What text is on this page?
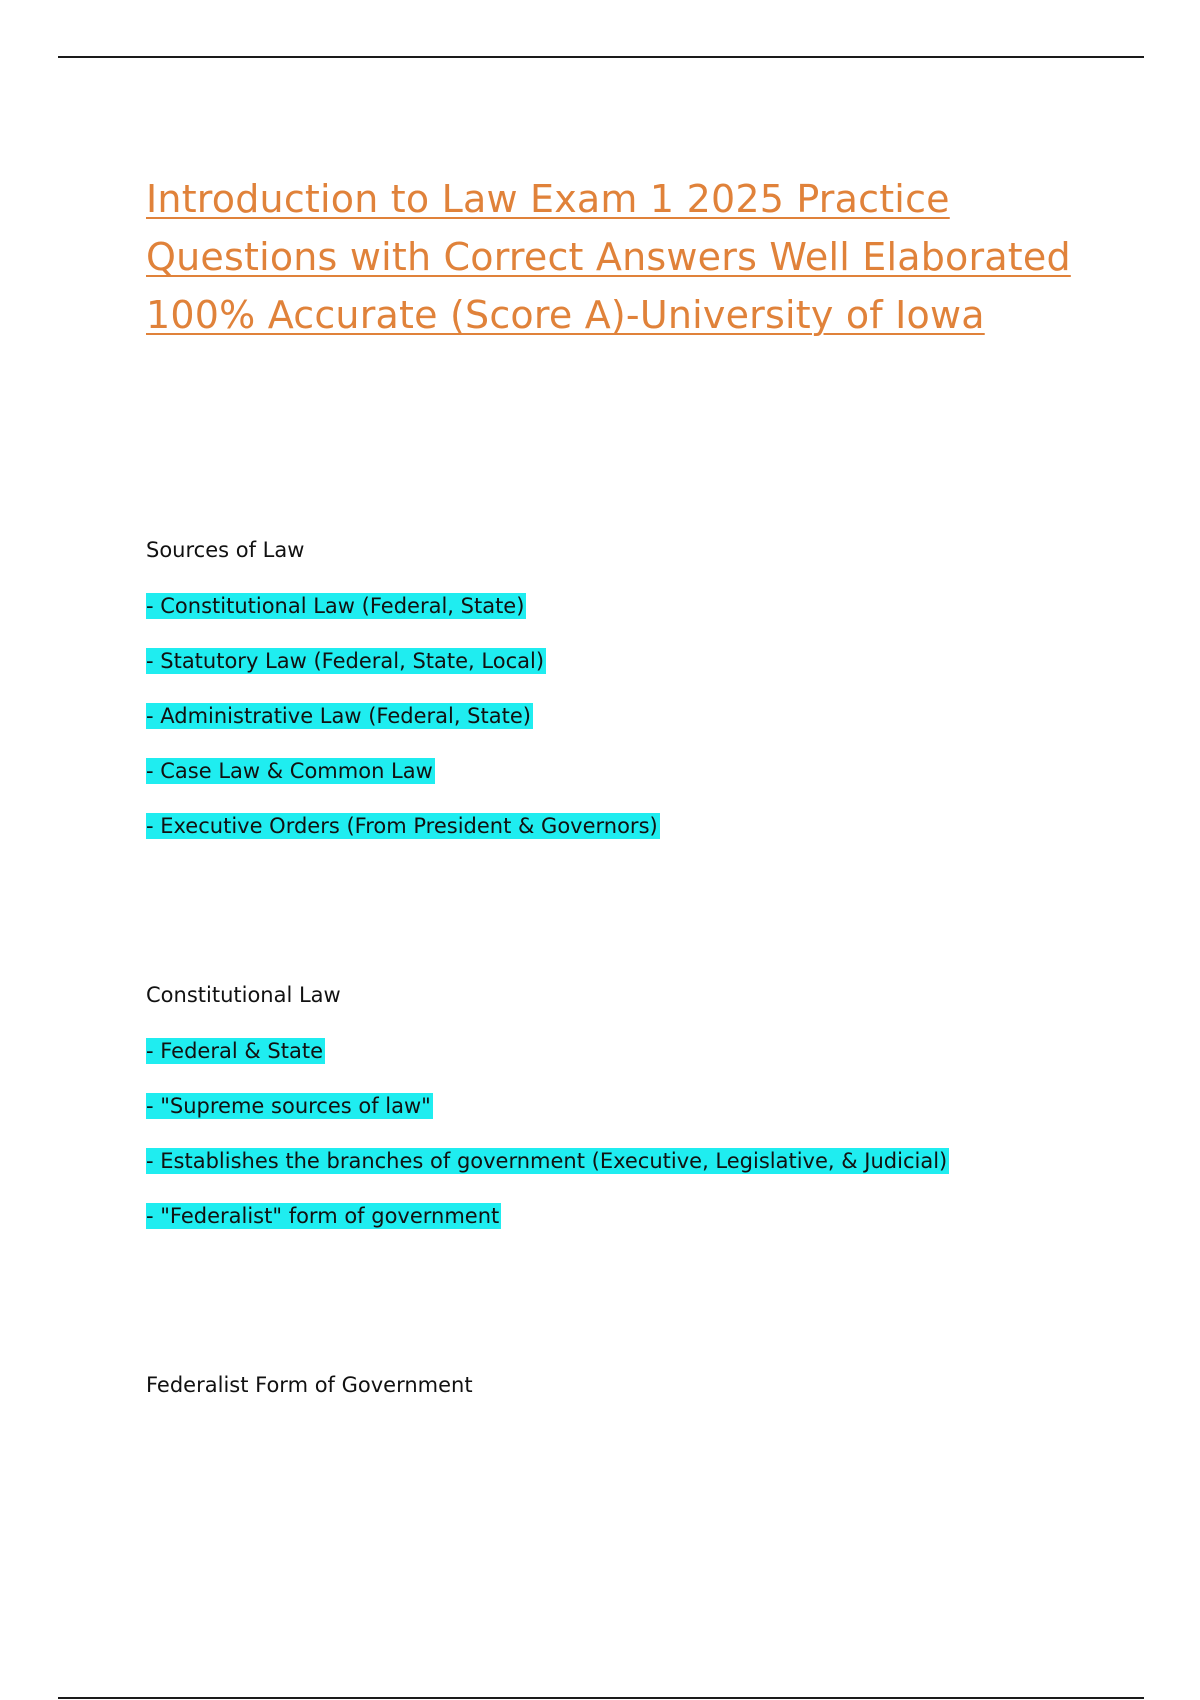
Introduction to Law Exam 1 2025 Practice Questions with Correct Answers Well Elaborated 100% Accurate (Score A)-University of Iowa

Sources of Law

- Constitutional Law (Federal, State)
- Statutory Law (Federal, State, Local)
- Administrative Law (Federal, State)
- Case Law & Common Law
- Executive Orders (From President & Governors)

Constitutional Law

- Federal & State
- "Supreme sources of law"
- Establishes the branches of government (Executive, Legislative, & Judicial)
- "Federalist" form of government

Federalist Form of Government
